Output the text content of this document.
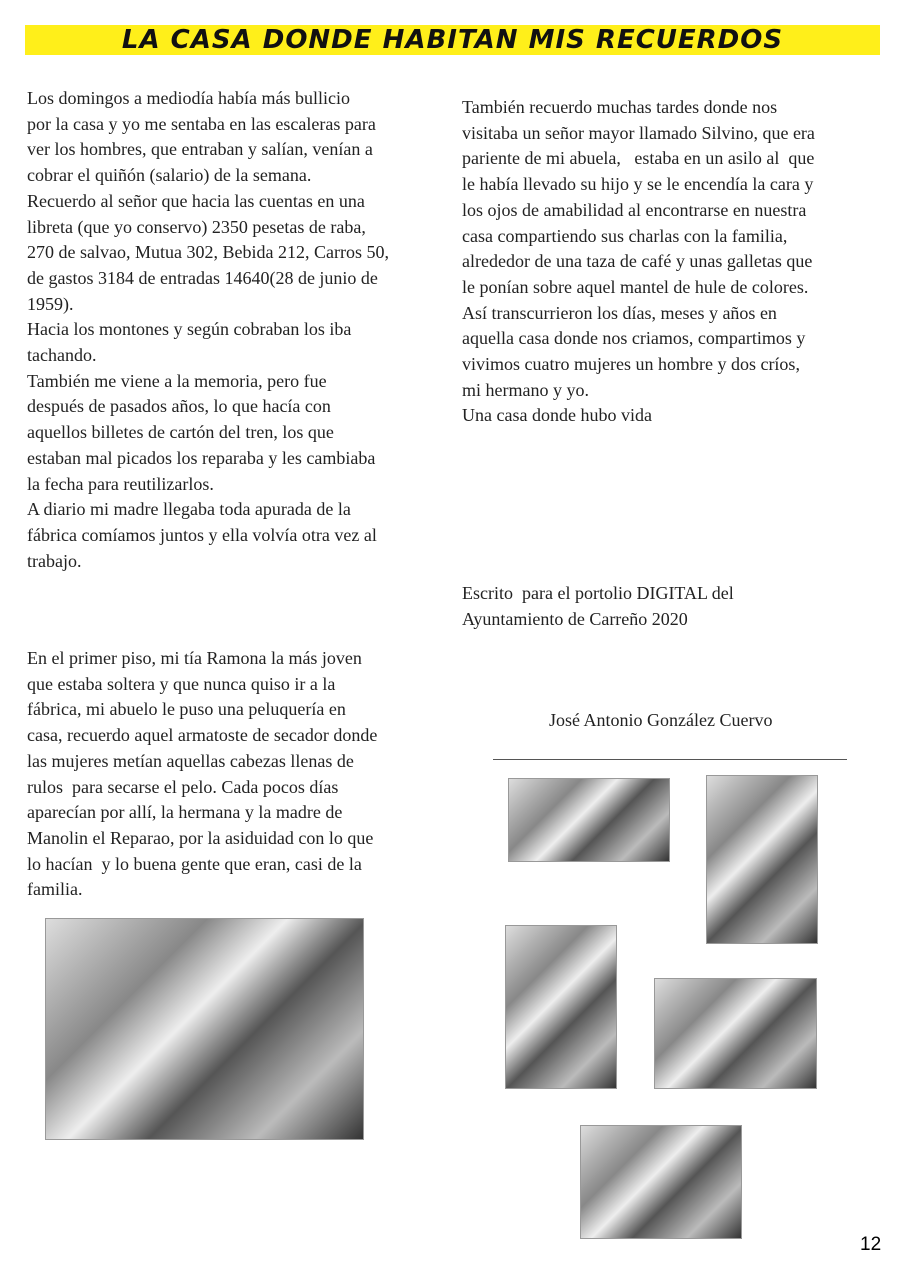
LA CASA DONDE HABITAN MIS RECUERDOS
Los domingos a mediodía había más bullicio
por la casa y yo me sentaba en las escaleras para
ver los hombres, que entraban y salían, venían a
cobrar el quiñón (salario) de la semana.
Recuerdo al señor que hacia las cuentas en una
libreta (que yo conservo) 2350 pesetas de raba,
270 de salvao, Mutua 302, Bebida 212, Carros 50,
de gastos 3184 de entradas 14640(28 de junio de
1959).
Hacia los montones y según cobraban los iba
tachando.
También me viene a la memoria, pero fue
después de pasados años, lo que hacía con
aquellos billetes de cartón del tren, los que
estaban mal picados los reparaba y les cambiaba
la fecha para reutilizarlos.
A diario mi madre llegaba toda apurada de la
fábrica comíamos juntos y ella volvía otra vez al
trabajo.
En el primer piso, mi tía Ramona la más joven
que estaba soltera y que nunca quiso ir a la
fábrica, mi abuelo le puso una peluquería en
casa, recuerdo aquel armatoste de secador donde
las mujeres metían aquellas cabezas llenas de
rulos  para secarse el pelo. Cada pocos días
aparecían por allí, la hermana y la madre de
Manolin el Reparao, por la asiduidad con lo que
lo hacían  y lo buena gente que eran, casi de la
familia.
También recuerdo muchas tardes donde nos
visitaba un señor mayor llamado Silvino, que era
pariente de mi abuela,   estaba en un asilo al  que
le había llevado su hijo y se le encendía la cara y
los ojos de amabilidad al encontrarse en nuestra
casa compartiendo sus charlas con la familia,
alrededor de una taza de café y unas galletas que
le ponían sobre aquel mantel de hule de colores.
Así transcurrieron los días, meses y años en
aquella casa donde nos criamos, compartimos y
vivimos cuatro mujeres un hombre y dos críos,
mi hermano y yo.
Una casa donde hubo vida
Escrito  para el portolio DIGITAL del
Ayuntamiento de Carreño 2020
José Antonio González Cuervo
12
